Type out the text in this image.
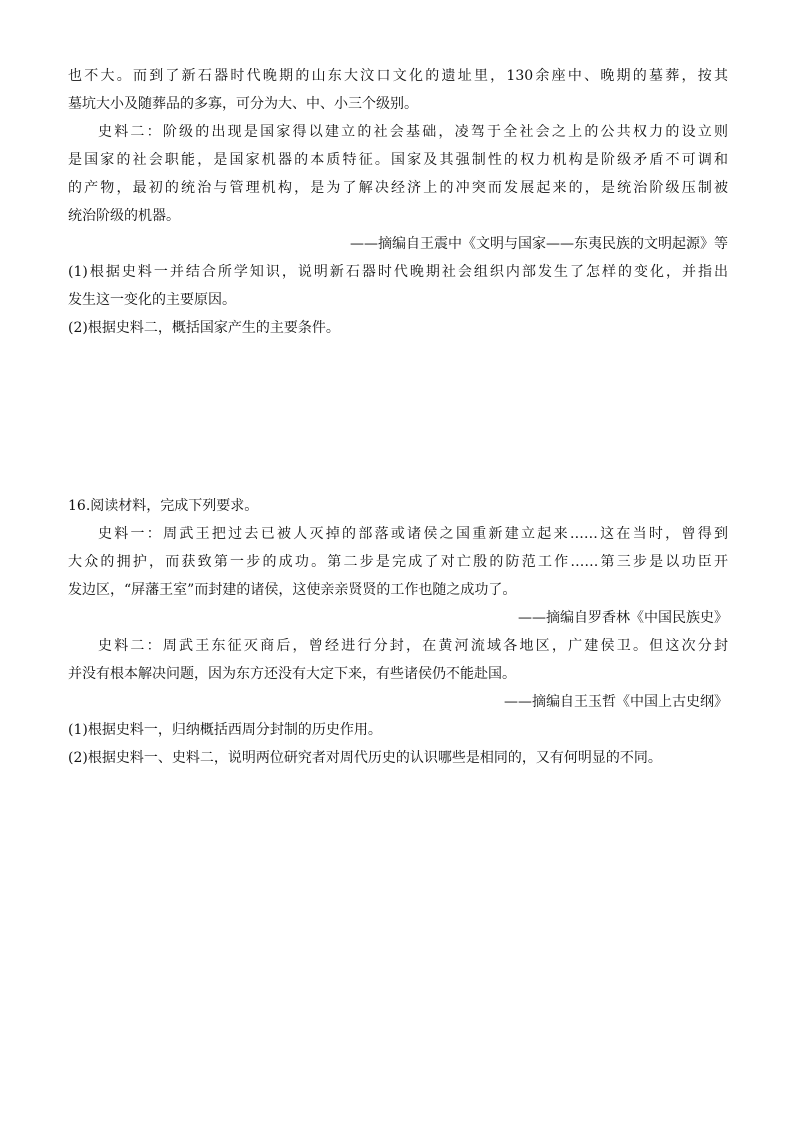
也不大。而到了新石器时代晚期的山东大汶口文化的遗址里，130余座中、晚期的墓葬，按其

墓坑大小及随葬品的多寡，可分为大、中、小三个级别。

史料二：阶级的出现是国家得以建立的社会基础，凌驾于全社会之上的公共权力的设立则

是国家的社会职能，是国家机器的本质特征。国家及其强制性的权力机构是阶级矛盾不可调和

的产物，最初的统治与管理机构，是为了解决经济上的冲突而发展起来的，是统治阶级压制被

统治阶级的机器。

——摘编自王震中《文明与国家——东夷民族的文明起源》等

(1)根据史料一并结合所学知识，说明新石器时代晚期社会组织内部发生了怎样的变化，并指出

发生这一变化的主要原因。

(2)根据史料二，概括国家产生的主要条件。

16.阅读材料，完成下列要求。

史料一：周武王把过去已被人灭掉的部落或诸侯之国重新建立起来……这在当时，曾得到

大众的拥护，而获致第一步的成功。第二步是完成了对亡殷的防范工作……第三步是以功臣开

发边区，“屏藩王室”而封建的诸侯，这使亲亲贤贤的工作也随之成功了。

——摘编自罗香林《中国民族史》

史料二：周武王东征灭商后，曾经进行分封，在黄河流域各地区，广建侯卫。但这次分封

并没有根本解决问题，因为东方还没有大定下来，有些诸侯仍不能赴国。

——摘编自王玉哲《中国上古史纲》

(1)根据史料一，归纳概括西周分封制的历史作用。

(2)根据史料一、史料二，说明两位研究者对周代历史的认识哪些是相同的，又有何明显的不同。
